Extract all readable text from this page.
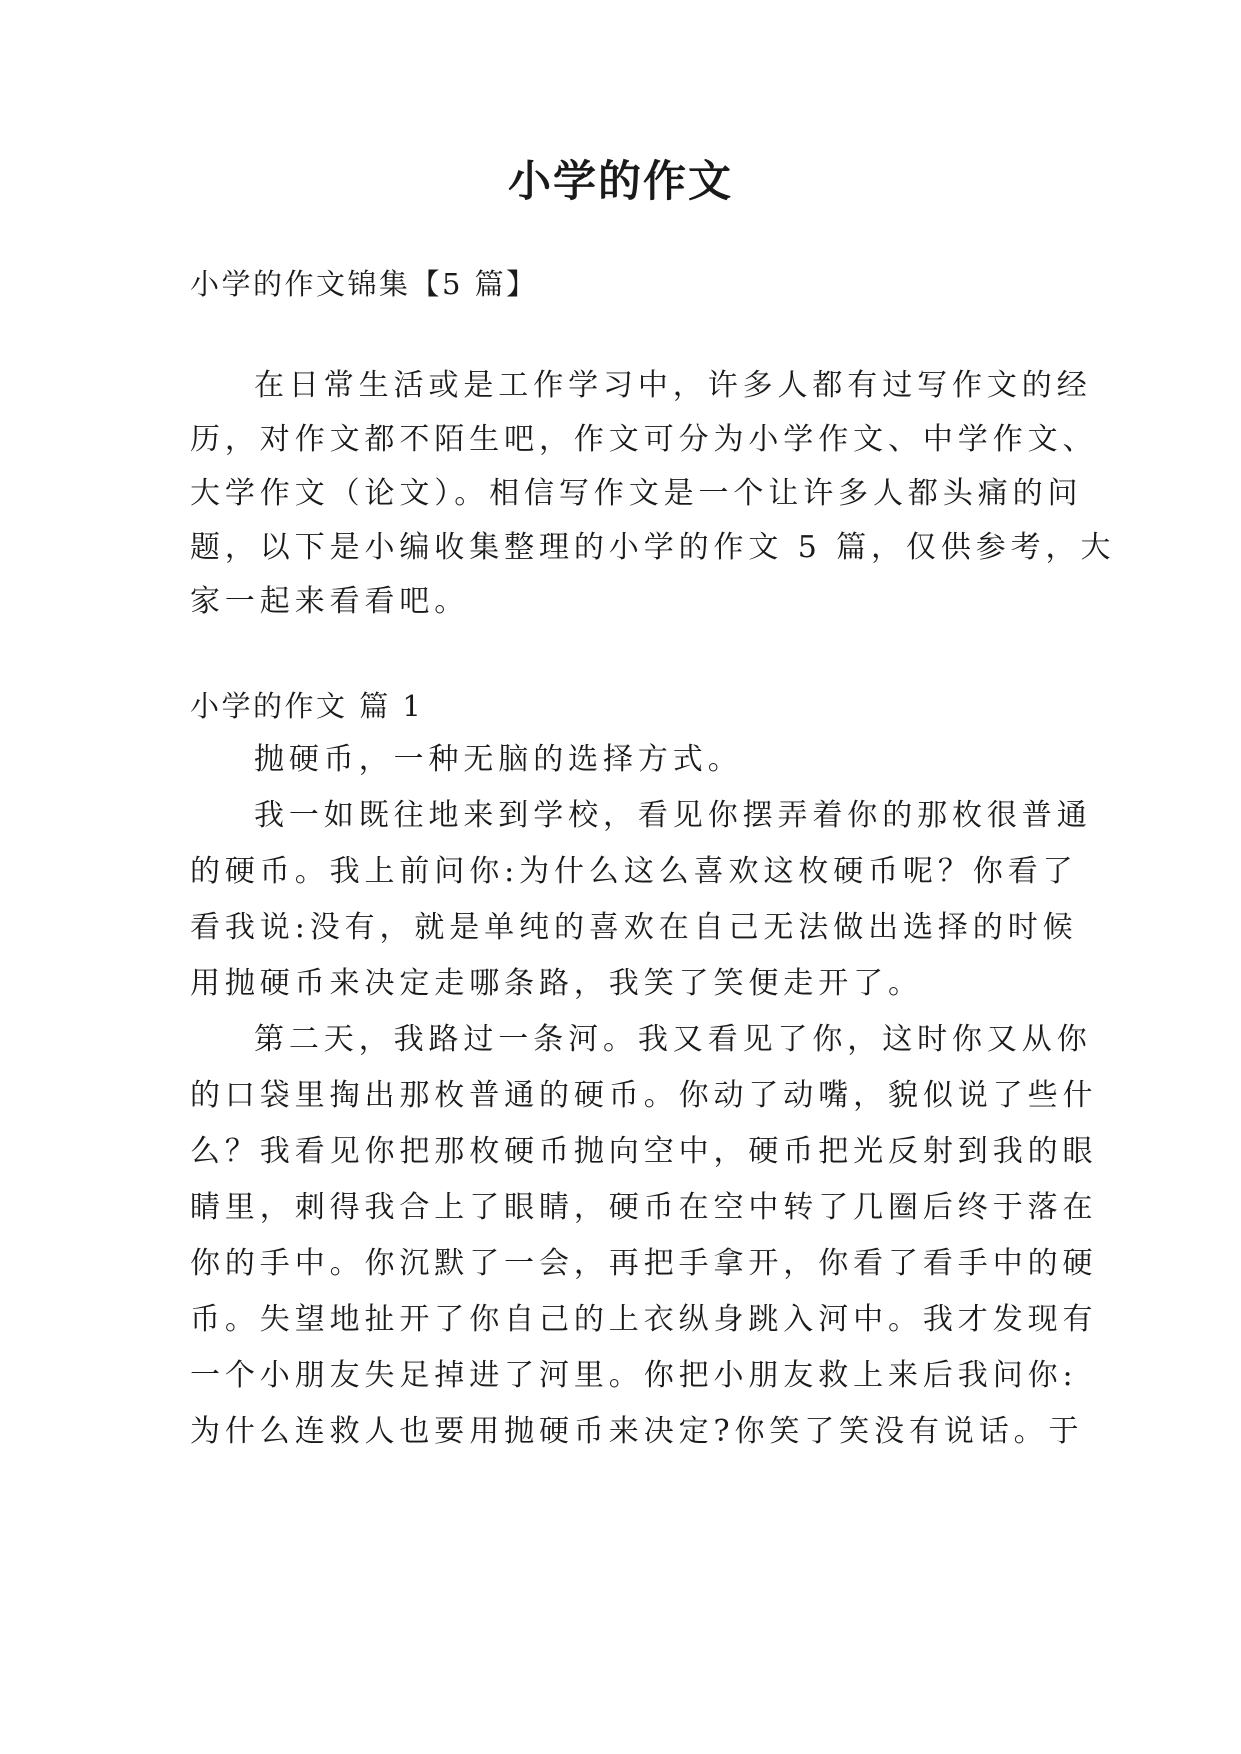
小学的作文
小学的作文锦集【5 篇】
在日常生活或是工作学习中，许多人都有过写作文的经
历，对作文都不陌生吧，作文可分为小学作文、中学作文、
大学作文（论文）。相信写作文是一个让许多人都头痛的问
题，以下是小编收集整理的小学的作文 5 篇，仅供参考，大
家一起来看看吧。
小学的作文 篇 1
抛硬币，一种无脑的选择方式。
我一如既往地来到学校，看见你摆弄着你的那枚很普通
的硬币。我上前问你:为什么这么喜欢这枚硬币呢？你看了
看我说:没有，就是单纯的喜欢在自己无法做出选择的时候
用抛硬币来决定走哪条路，我笑了笑便走开了。
第二天，我路过一条河。我又看见了你，这时你又从你
的口袋里掏出那枚普通的硬币。你动了动嘴，貌似说了些什
么？我看见你把那枚硬币抛向空中，硬币把光反射到我的眼
睛里，刺得我合上了眼睛，硬币在空中转了几圈后终于落在
你的手中。你沉默了一会，再把手拿开，你看了看手中的硬
币。失望地扯开了你自己的上衣纵身跳入河中。我才发现有
一个小朋友失足掉进了河里。你把小朋友救上来后我问你:
为什么连救人也要用抛硬币来决定?你笑了笑没有说话。于
